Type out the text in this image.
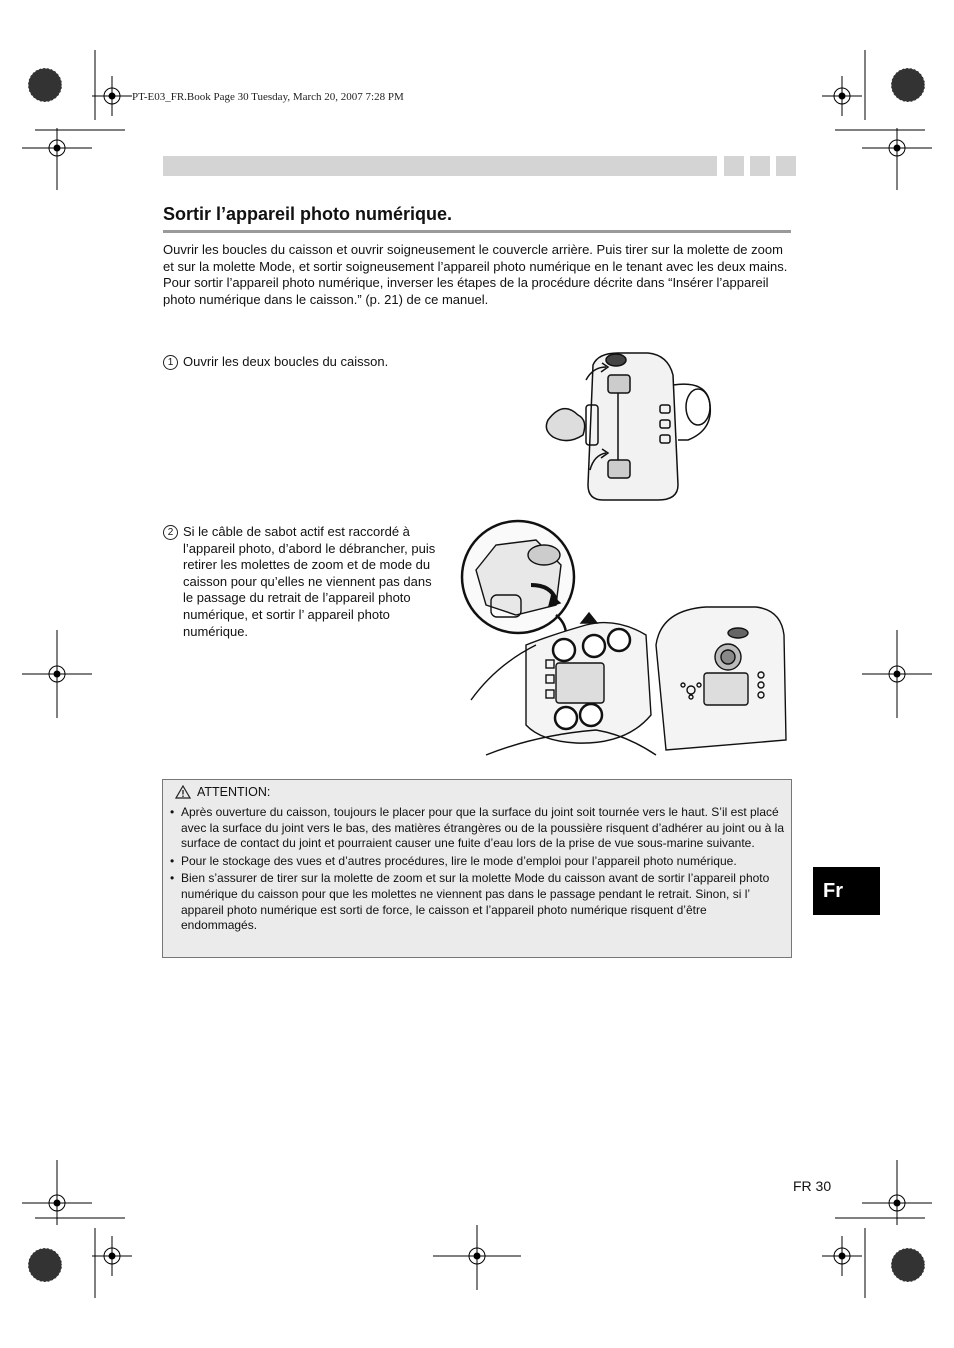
PT-E03_FR.Book Page 30 Tuesday, March 20, 2007 7:28 PM
Sortir l’appareil photo numérique.

Ouvrir les boucles du caisson et ouvrir soigneusement le couvercle arrière. Puis tirer sur la molette de zoom et sur la molette Mode, et sortir soigneusement l’appareil photo numérique en le tenant avec les deux mains.

Pour sortir l’appareil photo numérique, inverser les étapes de la procédure décrite dans “Insérer l’appareil photo numérique dans le caisson.” (p. 21) de ce manuel.

1 Ouvrir les deux boucles du caisson.
2 Si le câble de sabot actif est raccordé à l’appareil photo, d’abord le débrancher, puis retirer les molettes de zoom et de mode du caisson pour qu’elles ne viennent pas dans le passage du retrait de l’appareil photo numérique, et sortir l’ appareil photo numérique.
ATTENTION:
• Après ouverture du caisson, toujours le placer pour que la surface du joint soit tournée vers le haut. S’il est placé avec la surface du joint vers le bas, des matières étrangères ou de la poussière risquent d’adhérer au joint ou à la surface de contact du joint et pourraient causer une fuite d’eau lors de la prise de vue sous-marine suivante.
• Pour le stockage des vues et d’autres procédures, lire le mode d’emploi pour l’appareil photo numérique.
• Bien s’assurer de tirer sur la molette de zoom et sur la molette Mode du caisson avant de sortir l’appareil photo numérique du caisson pour que les molettes ne viennent pas dans le passage pendant le retrait. Sinon, si l’ appareil photo numérique est sorti de force, le caisson et l’appareil photo numérique risquent d’être endommagés.
Fr
FR 30
